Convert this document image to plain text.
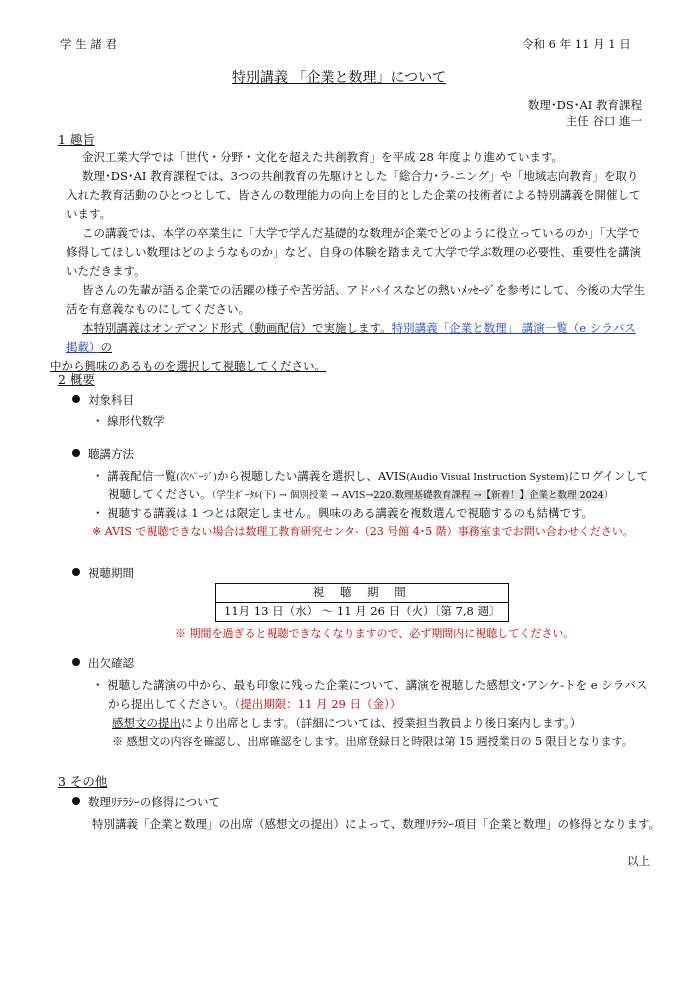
学 生 諸 君	令和 6 年 11 月 1 日
特別講義 「企業と数理」について
数理･DS･AI 教育課程
主任 谷口 進一
1 趣旨
金沢工業大学では「世代・分野・文化を超えた共創教育」を平成 28 年度より進めています。
数理･DS･AI 教育課程では、3つの共創教育の先駆けとした「総合力･ラ-ニング」や「地域志向教育」を取り入れた教育活動のひとつとして、皆さんの数理能力の向上を目的とした企業の技術者による特別講義を開催しています。
この講義では、本学の卒業生に「大学で学んだ基礎的な数理が企業でどのように役立っているのか」「大学で修得してほしい数理はどのようなものか」など、自身の体験を踏まえて大学で学ぶ数理の必要性、重要性を講演いただきます。
皆さんの先輩が語る企業での活躍の様子や苦労話、アドバイスなどの熱いﾒｯｾｰｼﾞを参考にして、今後の大学生活を有意義なものにしてください。
本特別講義はオンデマンド形式（動画配信）で実施します。特別講義「企業と数理」 講演一覧（e シラバス掲載）の
中から興味のあるものを選択して視聴してください。
2 概要
対象科目
・ 線形代数学
聴講方法
・ 講義配信一覧(次ﾍﾟｰｼﾞ)から視聴したい講義を選択し、AVIS(Audio Visual Instruction System)にログインして
視聴してください。（学生ﾎﾟｰﾀﾙ(下) → 個別授業 → AVIS→220.数理基礎教育課程 →【新着！】企業と数理 2024）
・ 視聴する講義は 1 つとは限定しません。興味のある講義を複数選んで視聴するのも結構です。
※ AVIS で視聴できない場合は数理工教育研究センタ-（23 号館 4･5 階）事務室までお問い合わせください。
視聴期間
視 聴 期 間
11月 13 日（水） ～ 11 月 26 日（火）〔第 7,8 週〕
※ 期間を過ぎると視聴できなくなりますので、必ず期間内に視聴してください。
出欠確認
・ 視聴した講演の中から、最も印象に残った企業について、講演を視聴した感想文･アンケ-トを e シラバス
から提出してください。（提出期限：11 月 29 日（金））
感想文の提出により出席とします。（詳細については、授業担当教員より後日案内します。）
※ 感想文の内容を確認し、出席確認をします。出席登録日と時限は第 15 週授業日の 5 限目となります。
3 その他
数理ﾘﾃﾗｼｰの修得について
特別講義「企業と数理」の出席（感想文の提出）によって、数理ﾘﾃﾗｼｰ項目「企業と数理」の修得となります。
以上
